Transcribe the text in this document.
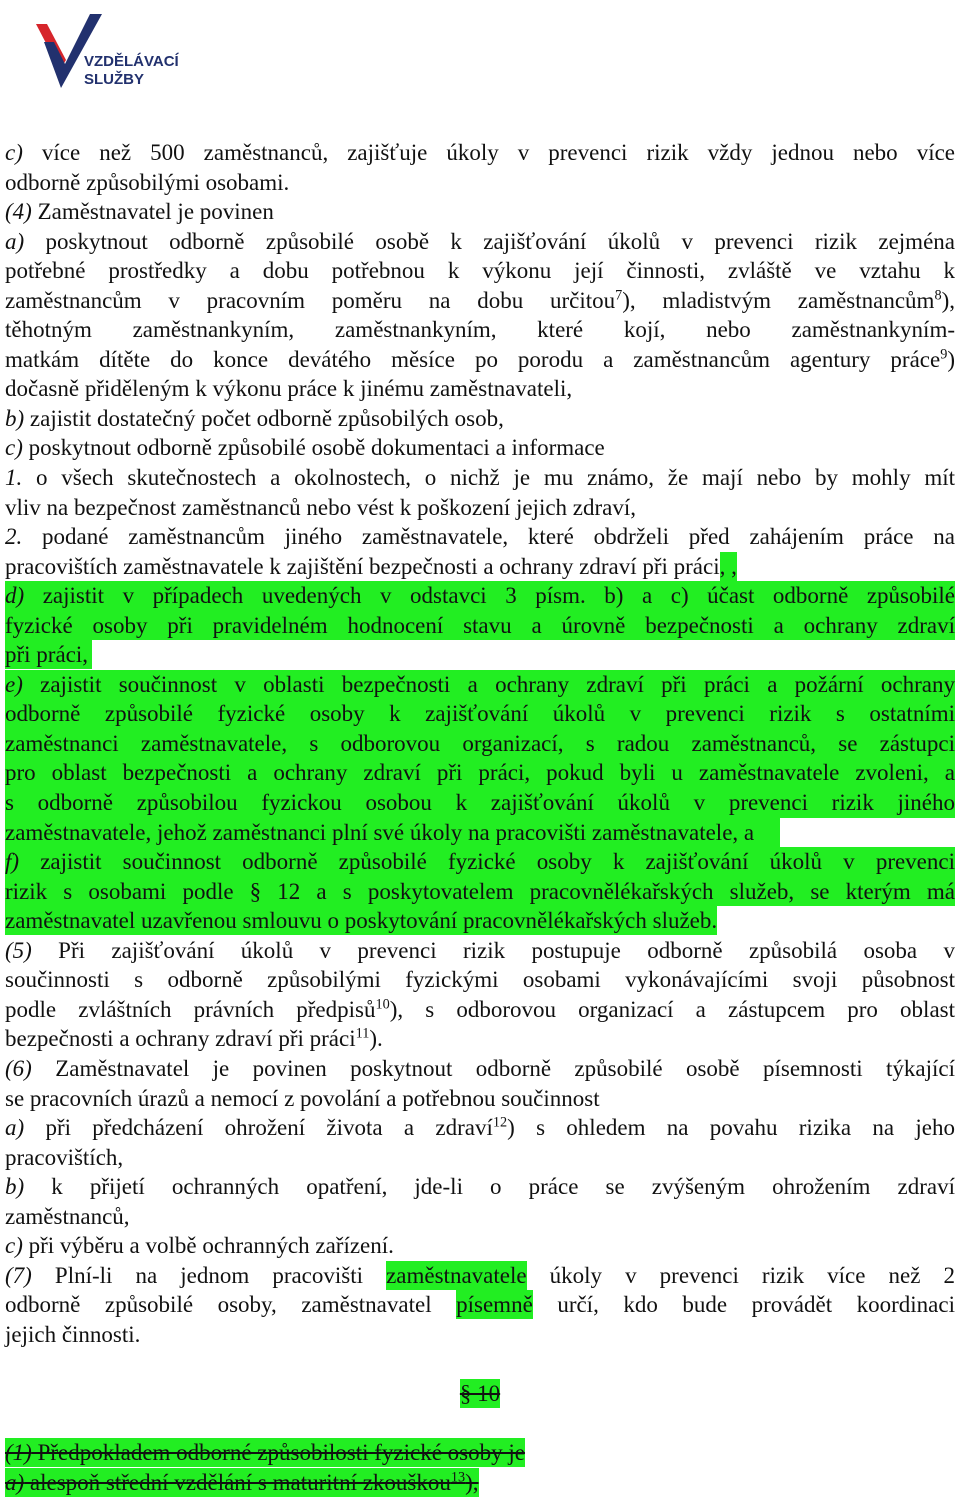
VZDĚLÁVACÍ
SLUŽBY
c) více než 500 zaměstnanců, zajišťuje úkoly v prevenci rizik vždy jednou nebo více
odborně způsobilými osobami.
(4) Zaměstnavatel je povinen
a) poskytnout odborně způsobilé osobě k zajišťování úkolů v prevenci rizik zejména
potřebné prostředky a dobu potřebnou k výkonu její činnosti, zvláště ve vztahu k
zaměstnancům v pracovním poměru na dobu určitou$^7$), mladistvým zaměstnancům$^8$),
těhotným zaměstnankyním, zaměstnankyním, které kojí, nebo zaměstnankyním-
matkám dítěte do konce devátého měsíce po porodu a zaměstnancům agentury práce$^9$)
dočasně přiděleným k výkonu práce k jinému zaměstnavateli,
b) zajistit dostatečný počet odborně způsobilých osob,
c) poskytnout odborně způsobilé osobě dokumentaci a informace
1. o všech skutečnostech a okolnostech, o nichž je mu známo, že mají nebo by mohly mít
vliv na bezpečnost zaměstnanců nebo vést k poškození jejich zdraví,
2. podané zaměstnancům jiného zaměstnavatele, které obdrželi před zahájením práce na
pracovištích zaměstnavatele k zajištění bezpečnosti a ochrany zdraví při práci, ,
d) zajistit v případech uvedených v odstavci 3 písm. b) a c) účast odborně způsobilé
fyzické osoby při pravidelném hodnocení stavu a úrovně bezpečnosti a ochrany zdraví
při práci,
e) zajistit součinnost v oblasti bezpečnosti a ochrany zdraví při práci a požární ochrany
odborně způsobilé fyzické osoby k zajišťování úkolů v prevenci rizik s ostatními
zaměstnanci zaměstnavatele, s odborovou organizací, s radou zaměstnanců, se zástupci
pro oblast bezpečnosti a ochrany zdraví při práci, pokud byli u zaměstnavatele zvoleni, a
s odborně způsobilou fyzickou osobou k zajišťování úkolů v prevenci rizik jiného
zaměstnavatele, jehož zaměstnanci plní své úkoly na pracovišti zaměstnavatele, a
f) zajistit součinnost odborně způsobilé fyzické osoby k zajišťování úkolů v prevenci
rizik s osobami podle § 12 a s poskytovatelem pracovnělékařských služeb, se kterým má
zaměstnavatel uzavřenou smlouvu o poskytování pracovnělékařských služeb.
(5) Při zajišťování úkolů v prevenci rizik postupuje odborně způsobilá osoba v
součinnosti s odborně způsobilými fyzickými osobami vykonávajícími svoji působnost
podle zvláštních právních předpisů$^{10}$), s odborovou organizací a zástupcem pro oblast
bezpečnosti a ochrany zdraví při práci$^{11}$).
(6) Zaměstnavatel je povinen poskytnout odborně způsobilé osobě písemnosti týkající
se pracovních úrazů a nemocí z povolání a potřebnou součinnost
a) při předcházení ohrožení života a zdraví$^{12}$) s ohledem na povahu rizika na jeho
pracovištích,
b) k přijetí ochranných opatření, jde-li o práce se zvýšeným ohrožením zdraví
zaměstnanců,
c) při výběru a volbě ochranných zařízení.
(7) Plní-li na jednom pracovišti zaměstnavatele úkoly v prevenci rizik více než 2
odborně způsobilé osoby, zaměstnavatel písemně určí, kdo bude provádět koordinaci
jejich činnosti.
§ 10
(1) Předpokladem odborné způsobilosti fyzické osoby je
a) alespoň střední vzdělání s maturitní zkouškou$^{13}$),
